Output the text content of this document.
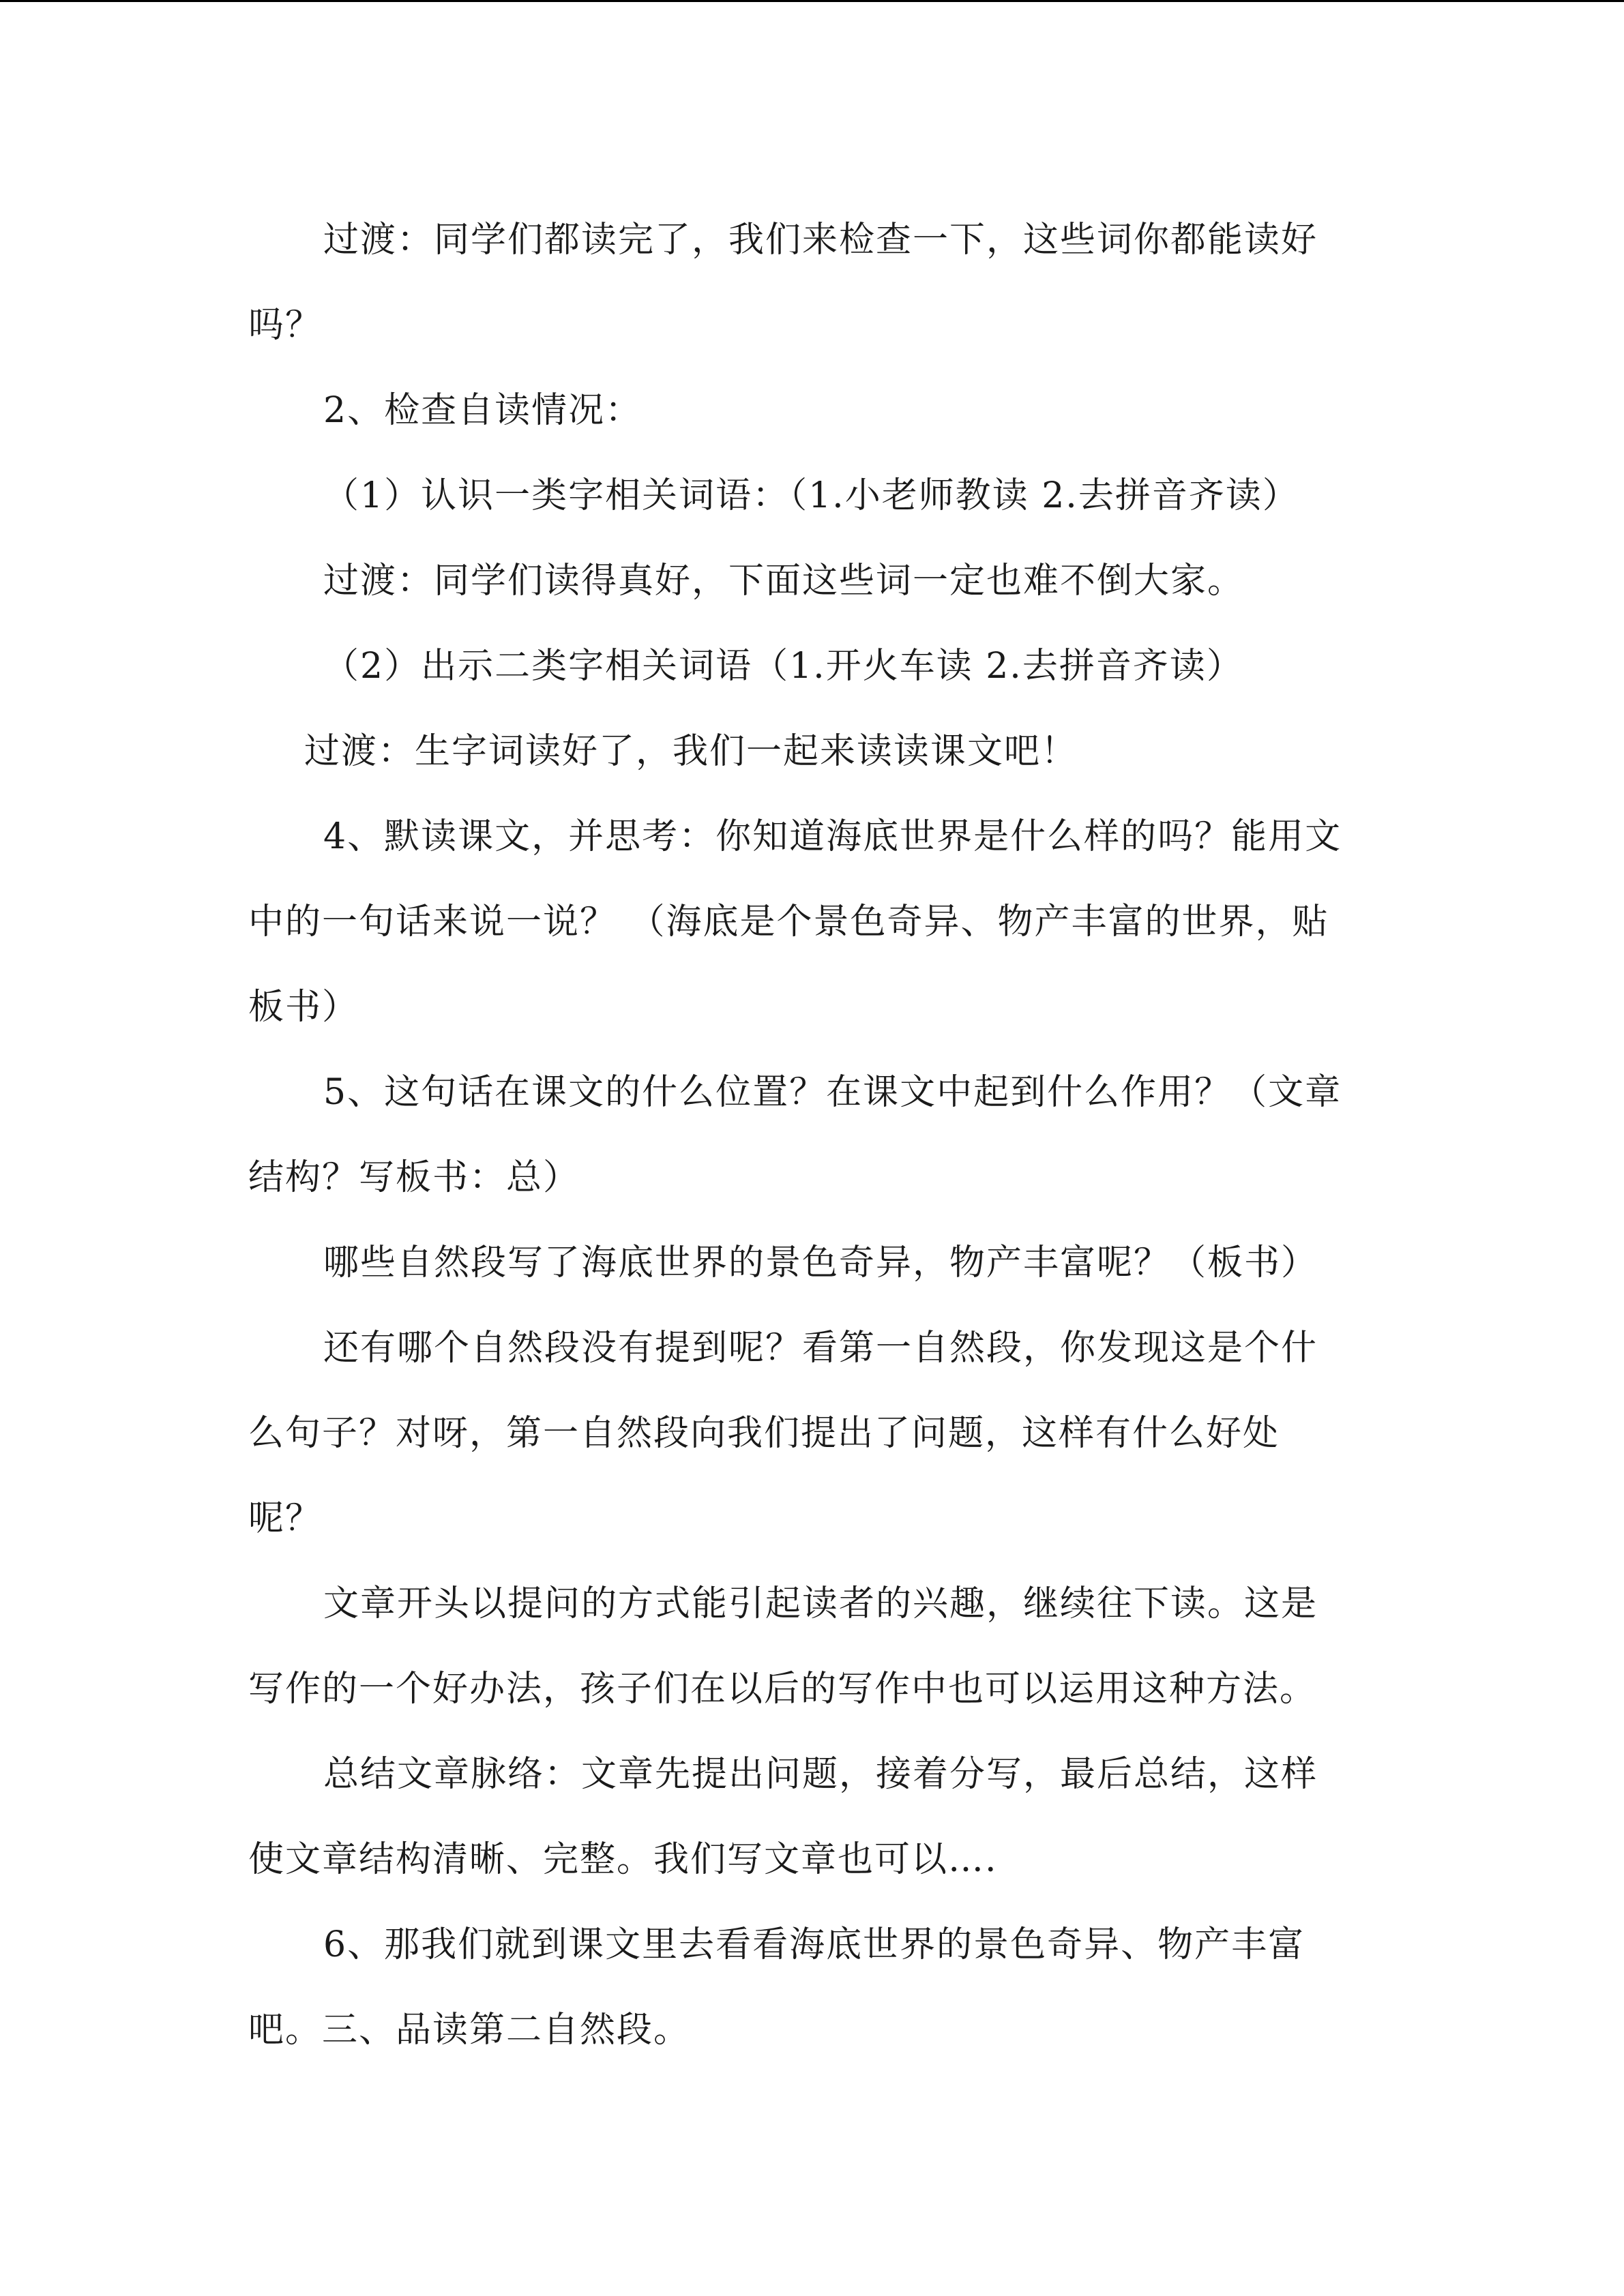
过渡：同学们都读完了，我们来检查一下，这些词你都能读好
吗？
2、检查自读情况：
（1）认识一类字相关词语：（1.小老师教读 2.去拼音齐读）
过渡：同学们读得真好，下面这些词一定也难不倒大家。
（2）出示二类字相关词语（1.开火车读 2.去拼音齐读）
过渡：生字词读好了，我们一起来读读课文吧！
4、默读课文，并思考：你知道海底世界是什么样的吗？能用文
中的一句话来说一说？ （海底是个景色奇异、物产丰富的世界，贴
板书）
5、这句话在课文的什么位置？在课文中起到什么作用？（文章
结构？写板书：总）
哪些自然段写了海底世界的景色奇异，物产丰富呢？（板书）
还有哪个自然段没有提到呢？看第一自然段，你发现这是个什
么句子？对呀，第一自然段向我们提出了问题，这样有什么好处
呢？
文章开头以提问的方式能引起读者的兴趣，继续往下读。这是
写作的一个好办法，孩子们在以后的写作中也可以运用这种方法。
总结文章脉络：文章先提出问题，接着分写，最后总结，这样
使文章结构清晰、完整。我们写文章也可以….
6、那我们就到课文里去看看海底世界的景色奇异、物产丰富
吧。三、品读第二自然段。
